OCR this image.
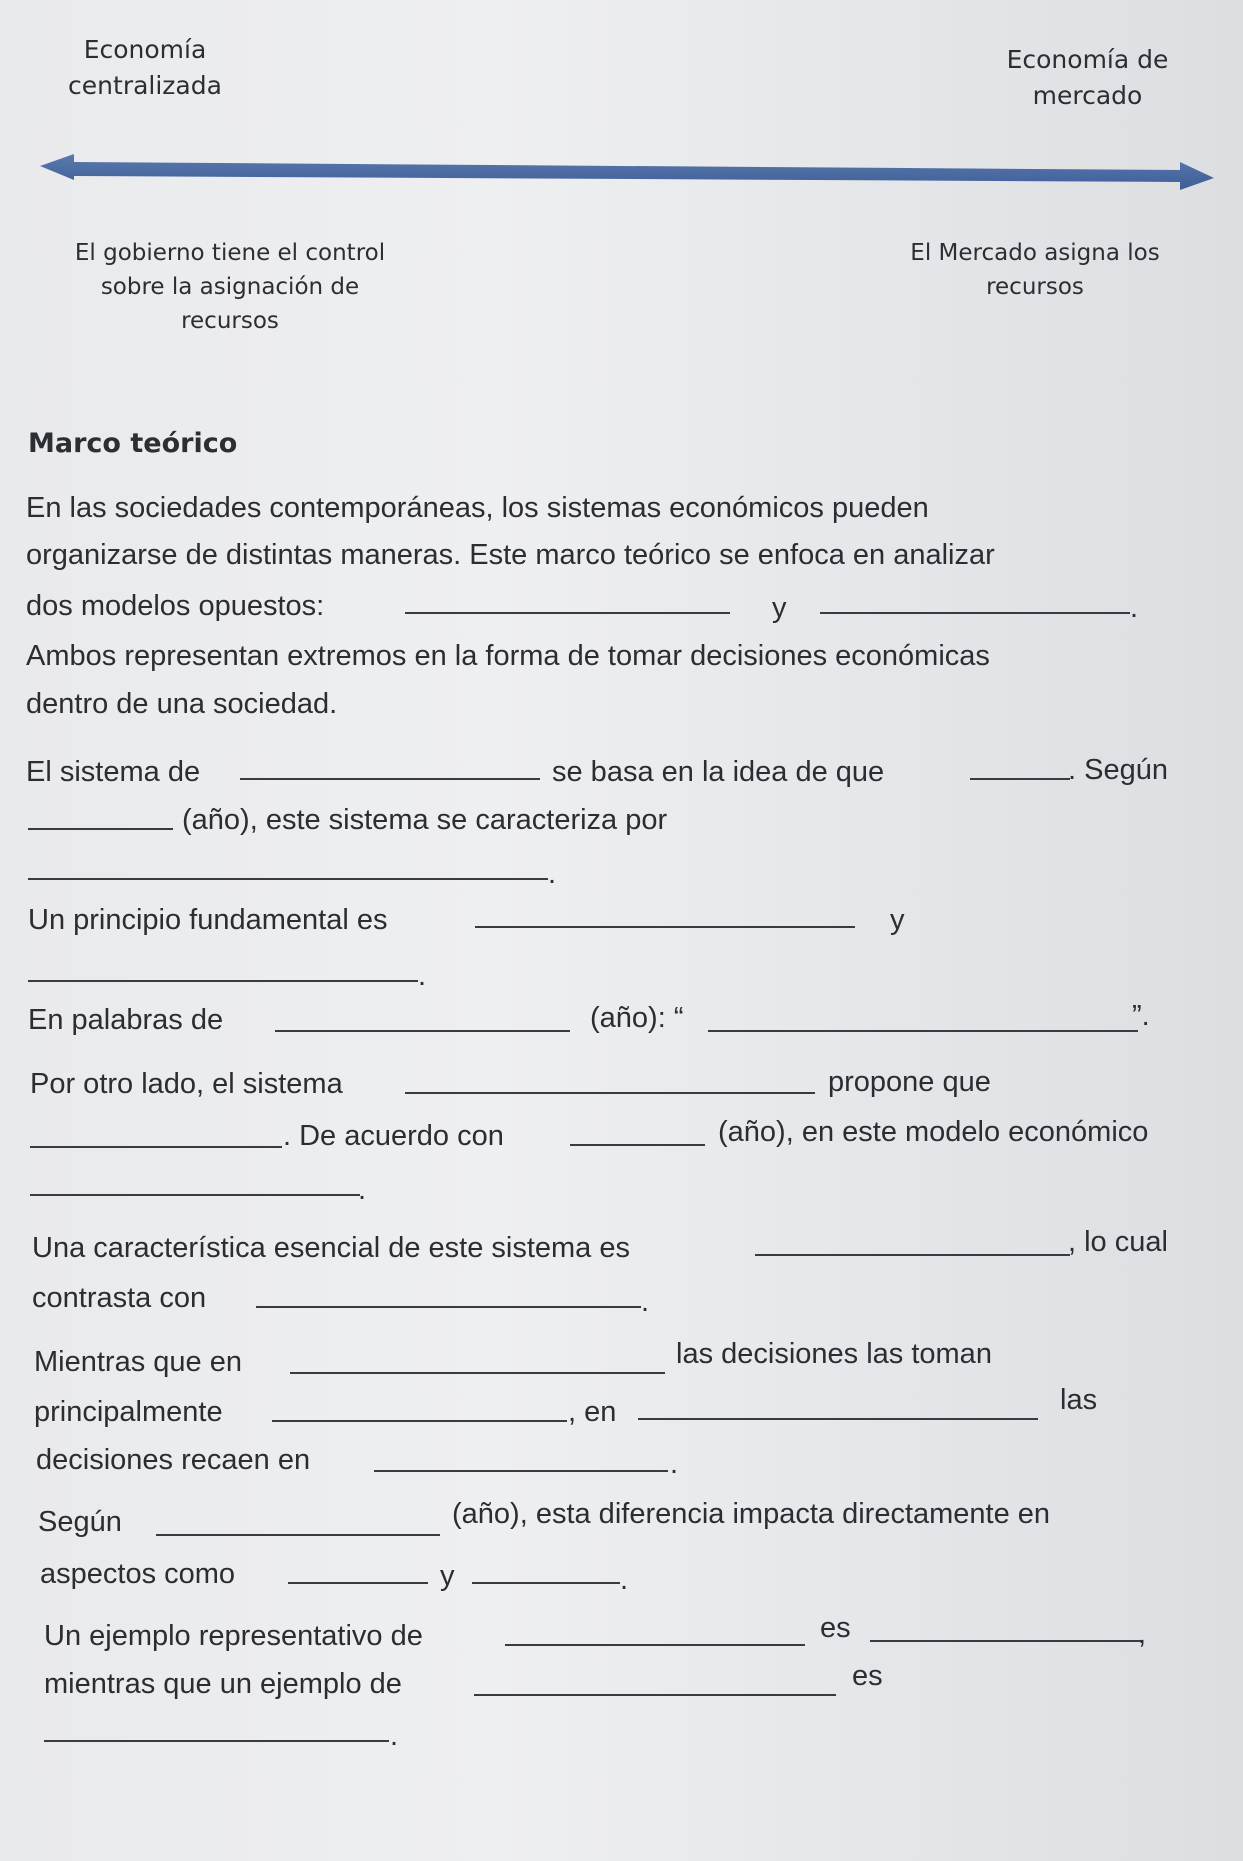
Economía
centralizada
Economía de
mercado
El gobierno tiene el control
sobre la asignación de
recursos
El Mercado asigna los
recursos
Marco teórico
En las sociedades contemporáneas, los sistemas económicos pueden
organizarse de distintas maneras. Este marco teórico se enfoca en analizar
dos modelos opuestos:	y	.
Ambos representan extremos en la forma de tomar decisiones económicas
dentro de una sociedad.
El sistema de	se basa en la idea de que	. Según
(año), este sistema se caracteriza por
.
Un principio fundamental es	y
.
En palabras de	(año): “	”.
Por otro lado, el sistema	propone que
. De acuerdo con	(año), en este modelo económico
.
Una característica esencial de este sistema es	, lo cual
contrasta con	.
Mientras que en	las decisiones las toman
principalmente	, en	las
decisiones recaen en	.
Según	(año), esta diferencia impacta directamente en
aspectos como	y	.
Un ejemplo representativo de	es	,
mientras que un ejemplo de	es
.
